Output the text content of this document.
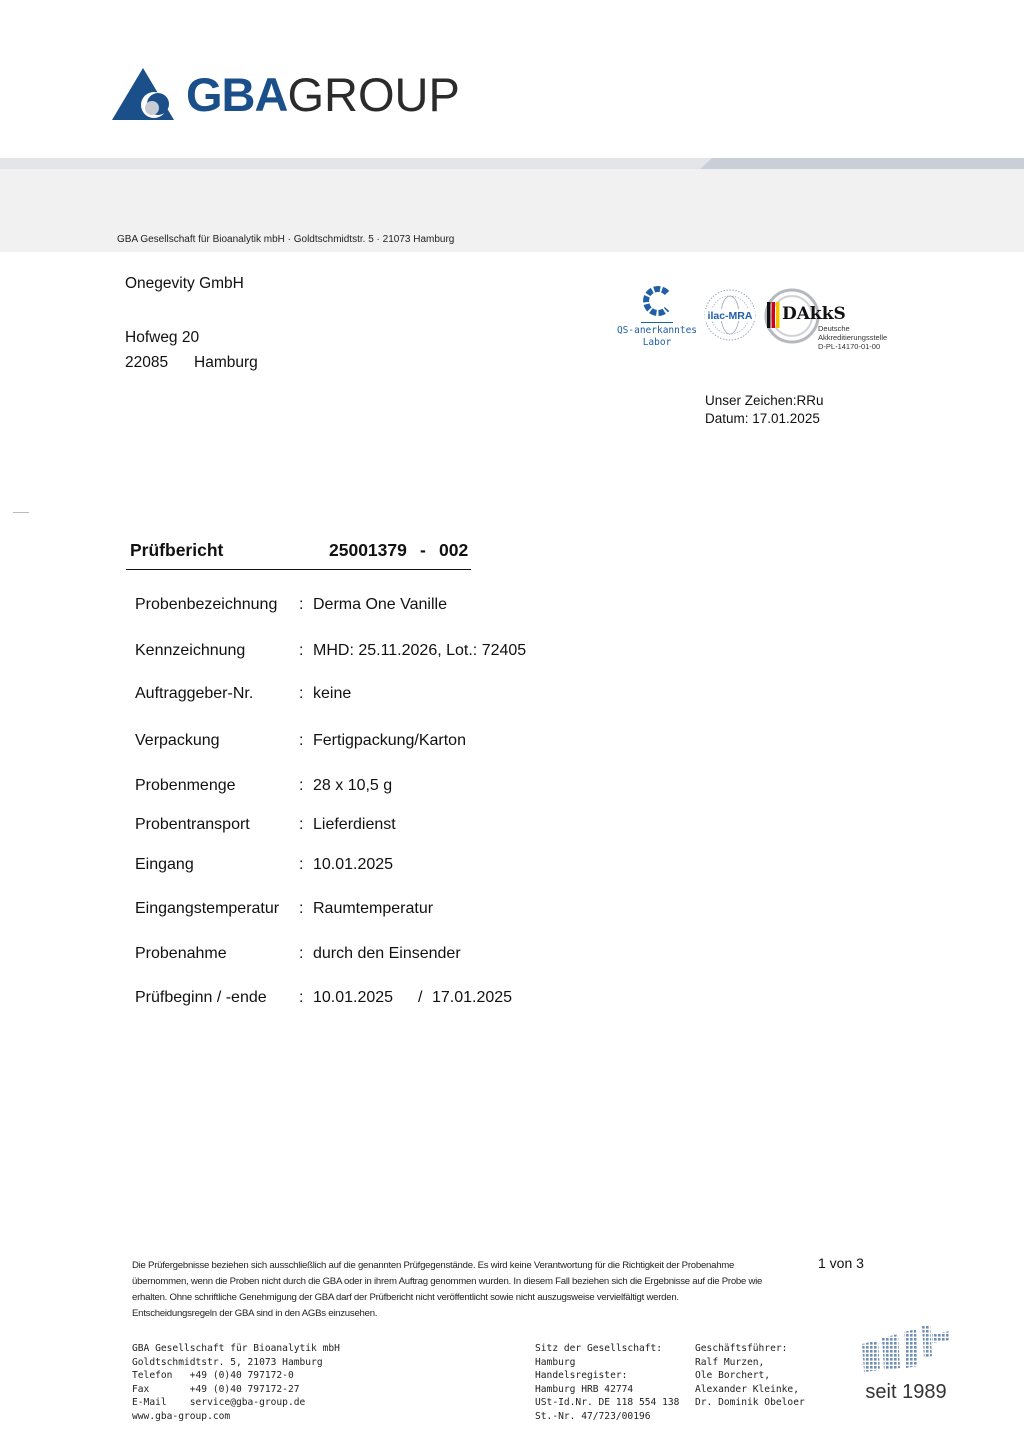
GBA GROUP
GBA Gesellschaft für Bioanalytik mbH · Goldtschmidtstr. 5 · 21073 Hamburg
Onegevity GmbH
Hofweg 20
22085 Hamburg
QS-anerkanntes
Labor
ilac-MRA DAkkS
Deutsche
Akkreditierungsstelle
D-PL-14170-01-00
Unser Zeichen:RRu
Datum: 17.01.2025
Prüfbericht	25001379 - 002
Probenbezeichnung : Derma One Vanille
Kennzeichnung	: MHD: 25.11.2026, Lot.: 72405
Auftraggeber-Nr.	: keine
Verpackung	: Fertigpackung/Karton
Probenmenge	: 28 x 10,5 g
Probentransport	: Lieferdienst
Eingang	: 10.01.2025
Eingangstemperatur : Raumtemperatur
Probenahme	: durch den Einsender
Prüfbeginn / -ende : 10.01.2025 / 17.01.2025
Die Prüfergebnisse beziehen sich ausschließlich auf die genannten Prüfgegenstände. Es wird keine Verantwortung für die Richtigkeit der Probenahme
übernommen, wenn die Proben nicht durch die GBA oder in ihrem Auftrag genommen wurden. In diesem Fall beziehen sich die Ergebnisse auf die Probe wie
erhalten. Ohne schriftliche Genehmigung der GBA darf der Prüfbericht nicht veröffentlicht sowie nicht auszugsweise vervielfältigt werden.
Entscheidungsregeln der GBA sind in den AGBs einzusehen.
1 von 3
GBA Gesellschaft für Bioanalytik mbH
Goldtschmidtstr. 5, 21073 Hamburg
Telefon   +49 (0)40 797172-0
Fax       +49 (0)40 797172-27
E-Mail    service@gba-group.de
www.gba-group.com
Sitz der Gesellschaft:
Hamburg
Handelsregister:
Hamburg HRB 42774
USt-Id.Nr. DE 118 554 138
St.-Nr. 47/723/00196
Geschäftsführer:
Ralf Murzen,
Ole Borchert,
Alexander Kleinke,
Dr. Dominik Obeloer	seit 1989
